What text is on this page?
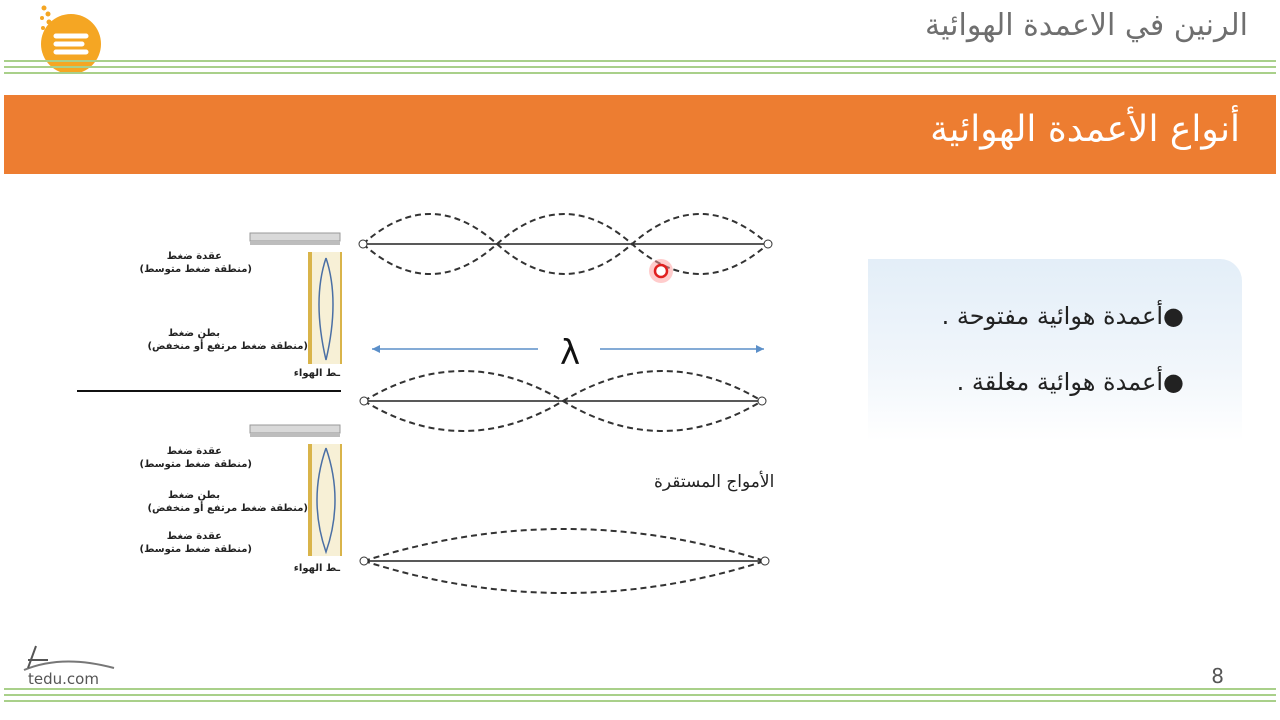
الرنين في الاعمدة الهوائية
أنواع الأعمدة الهوائية
λ
عقدة ضغط
(منطقة ضغط متوسط)
بطن ضغط
(منطقة ضغط مرتفع أو منخفض)
ـط الهواء
عقدة ضغط
(منطقة ضغط متوسط)
بطن ضغط
(منطقة ضغط مرتفع أو منخفض)
عقدة ضغط
(منطقة ضغط متوسط)
ـط الهواء
الأمواج المستقرة
●أعمدة هوائية مفتوحة .
●أعمدة هوائية مغلقة .
tedu.com	8
